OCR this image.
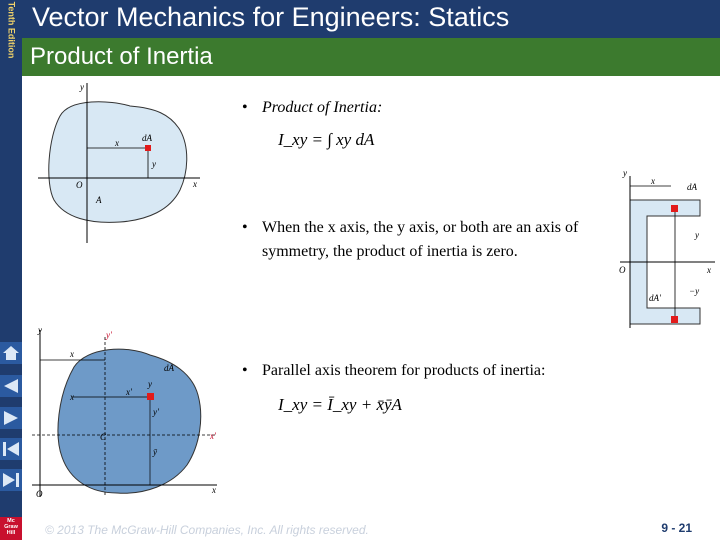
Tenth Edition Vector Mechanics for Engineers: Statics
Product of Inertia
Mc Graw Hill
y
x	dA
y
O
A
x
y
x
dA
y
O	x
dA'
−y
y'
y
x
dA
x	x'
y
y'
C	x'
ȳ
O	x
• Product of Inertia:
I_xy = ∫ xy dA
• When the x axis, the y axis, or both are an axis of symmetry, the product of inertia is zero.
• Parallel axis theorem for products of inertia:
I_xy = Ī_xy + x̄ȳA
© 2013 The McGraw-Hill Companies, Inc. All rights reserved.	9 - 21
